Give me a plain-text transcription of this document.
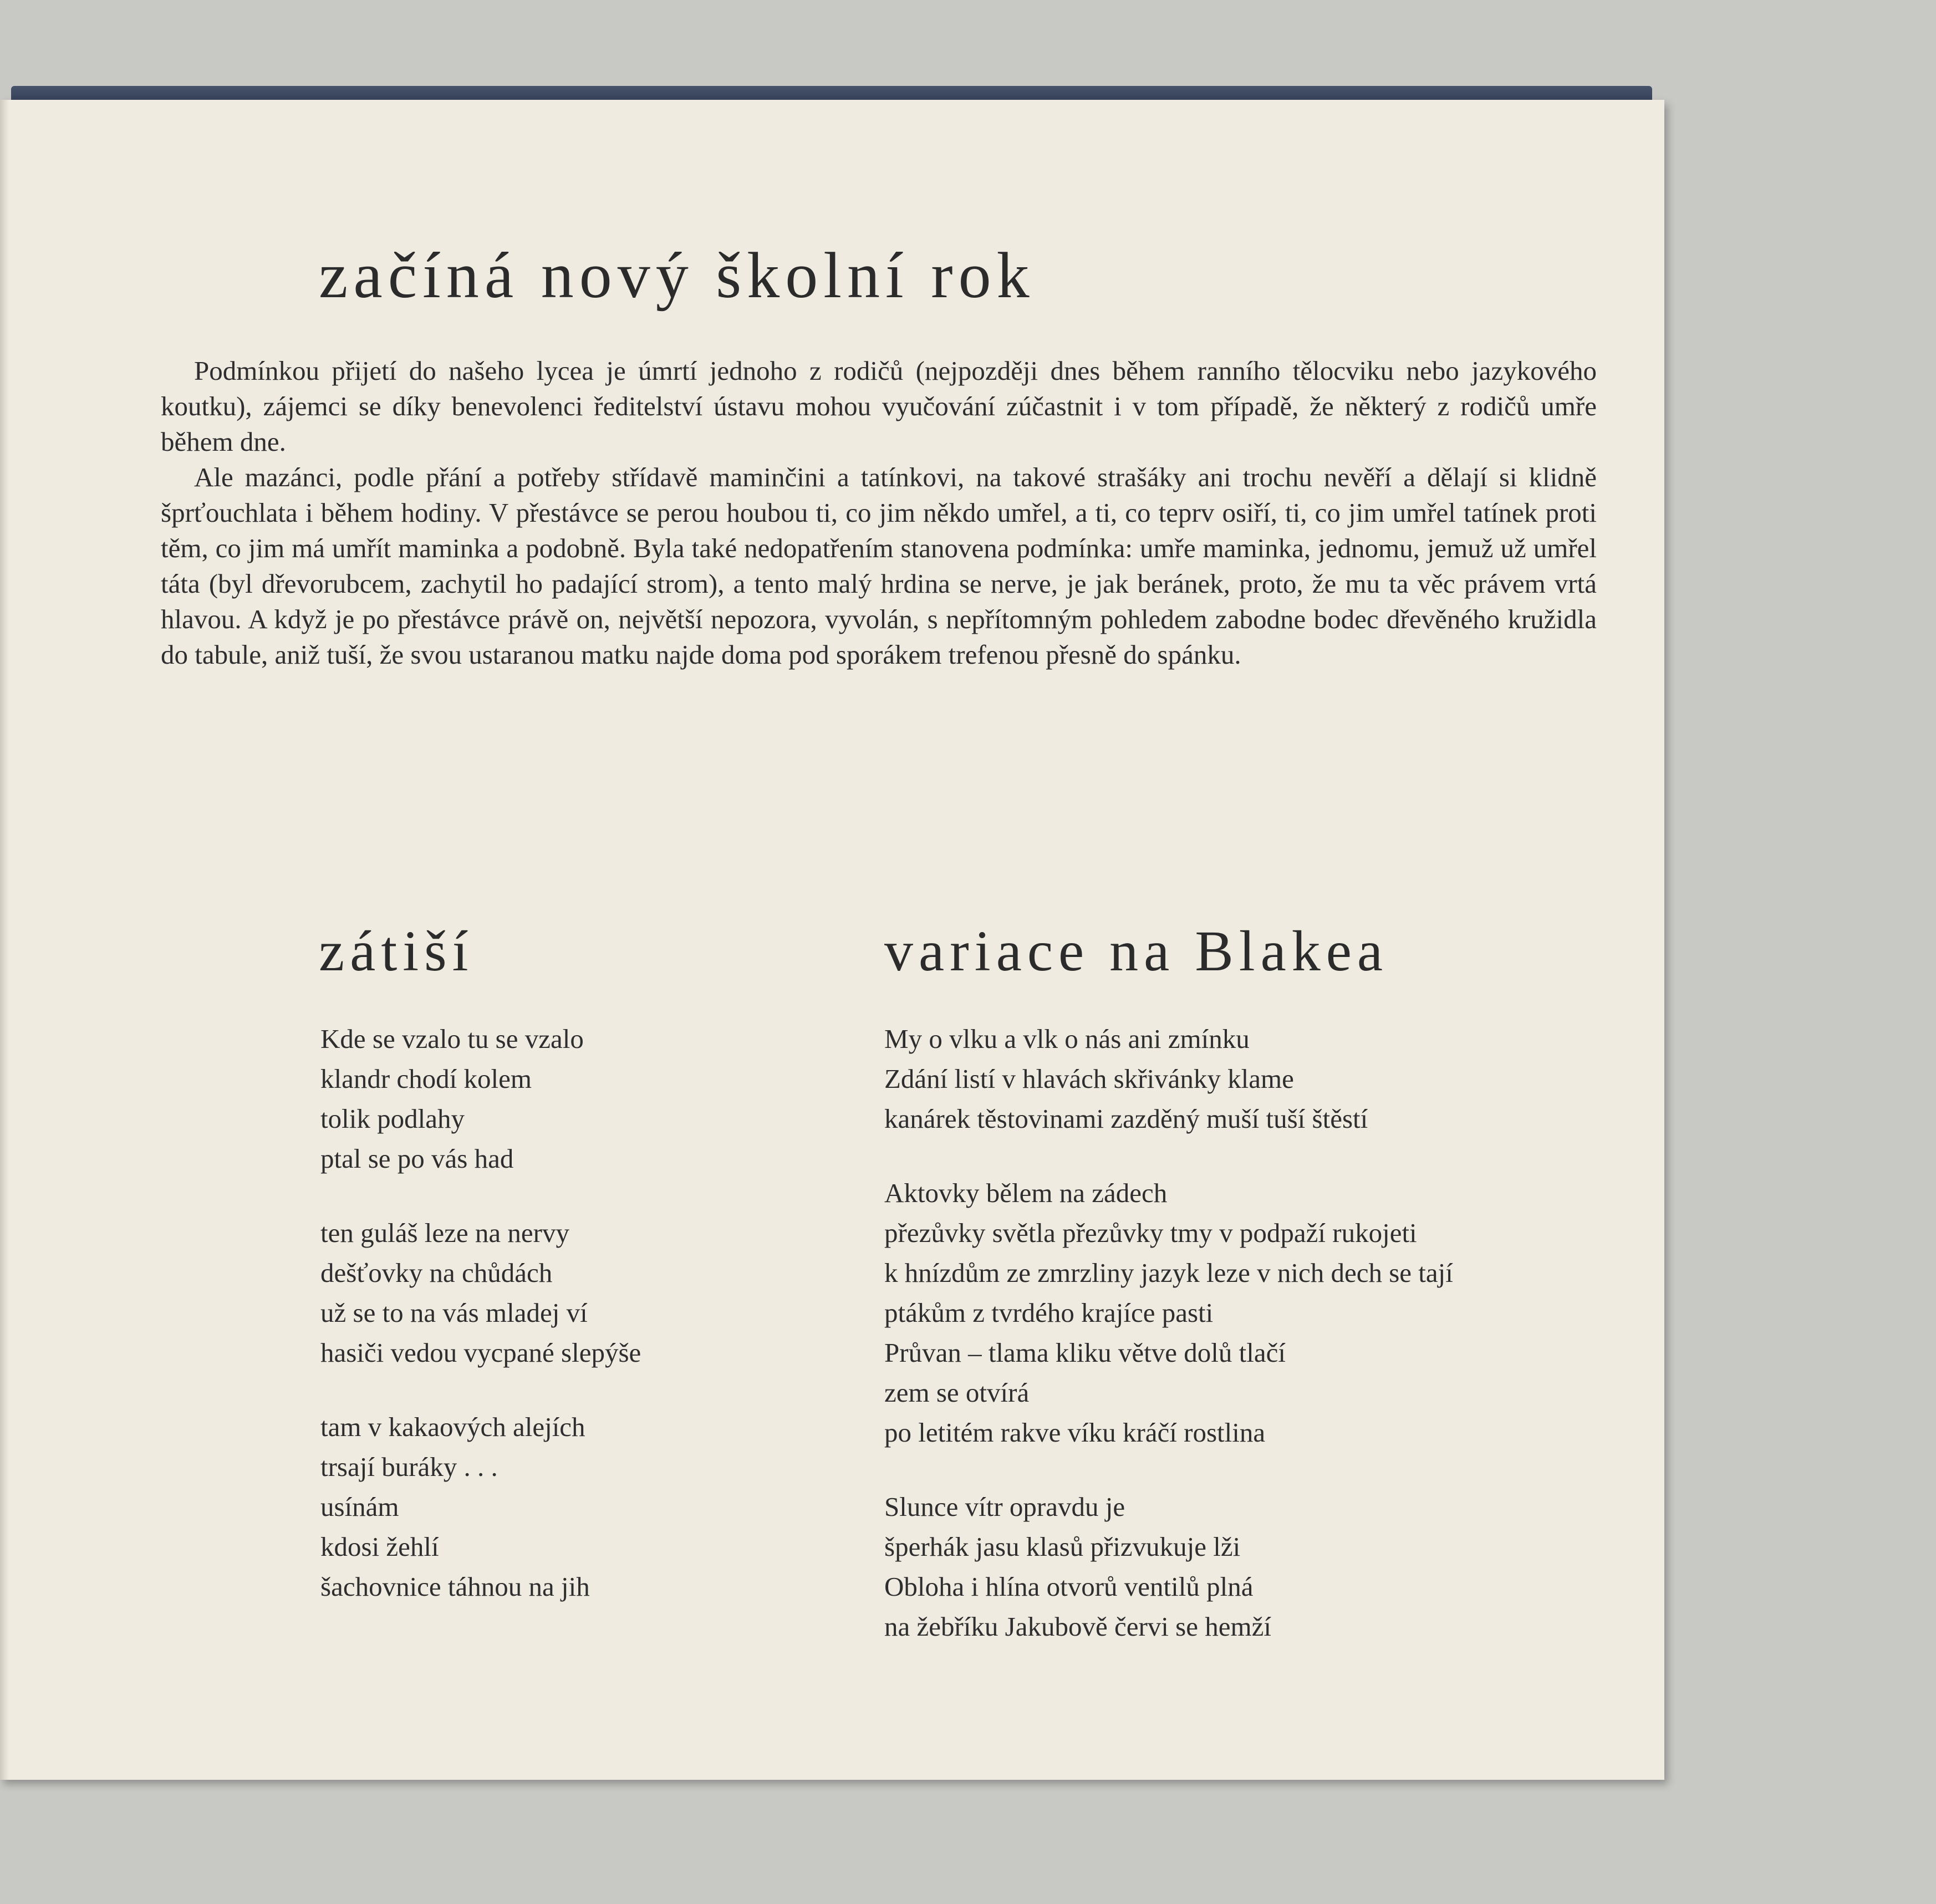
začíná nový školní rok

Podmínkou přijetí do našeho lycea je úmrtí jednoho z rodičů (nejpozději dnes během ranního tělocviku nebo jazykového koutku), zájemci se díky benevolenci ředitelství ústavu mohou vyučování zúčastnit i v tom případě, že některý z rodičů umře během dne.

Ale mazánci, podle přání a potřeby střídavě maminčini a tatínkovi, na takové strašáky ani trochu nevěří a dělají si klidně šprťouchlata i během hodiny. V přestávce se perou houbou ti, co jim někdo umřel, a ti, co teprv osiří, ti, co jim umřel tatínek proti těm, co jim má umřít maminka a podobně. Byla také nedopatřením stanovena podmínka: umře maminka, jednomu, jemuž už umřel táta (byl dřevorubcem, zachytil ho padající strom), a tento malý hrdina se nerve, je jak beránek, proto, že mu ta věc právem vrtá hlavou. A když je po přestávce právě on, největší nepozora, vyvolán, s nepřítomným pohledem zabodne bodec dřevěného kružidla do tabule, aniž tuší, že svou ustaranou matku najde doma pod sporákem trefenou přesně do spánku.

zátiší	variace na Blakea
Kde se vzalo tu se vzalo
klandr chodí kolem
tolik podlahy
ptal se po vás had
ten guláš leze na nervy
dešťovky na chůdách
už se to na vás mladej ví
hasiči vedou vycpané slepýše
tam v kakaových alejích
trsají buráky . . .
usínám
kdosi žehlí
šachovnice táhnou na jih
My o vlku a vlk o nás ani zmínku
Zdání listí v hlavách skřivánky klame
kanárek těstovinami zazděný muší tuší štěstí
Aktovky bělem na zádech
přezůvky světla přezůvky tmy v podpaží rukojeti
k hnízdům ze zmrzliny jazyk leze v nich dech se tají
ptákům z tvrdého krajíce pasti
Průvan – tlama kliku větve dolů tlačí
zem se otvírá
po letitém rakve víku kráčí rostlina
Slunce vítr opravdu je
šperhák jasu klasů přizvukuje lži
Obloha i hlína otvorů ventilů plná
na žebříku Jakubově červi se hemží
